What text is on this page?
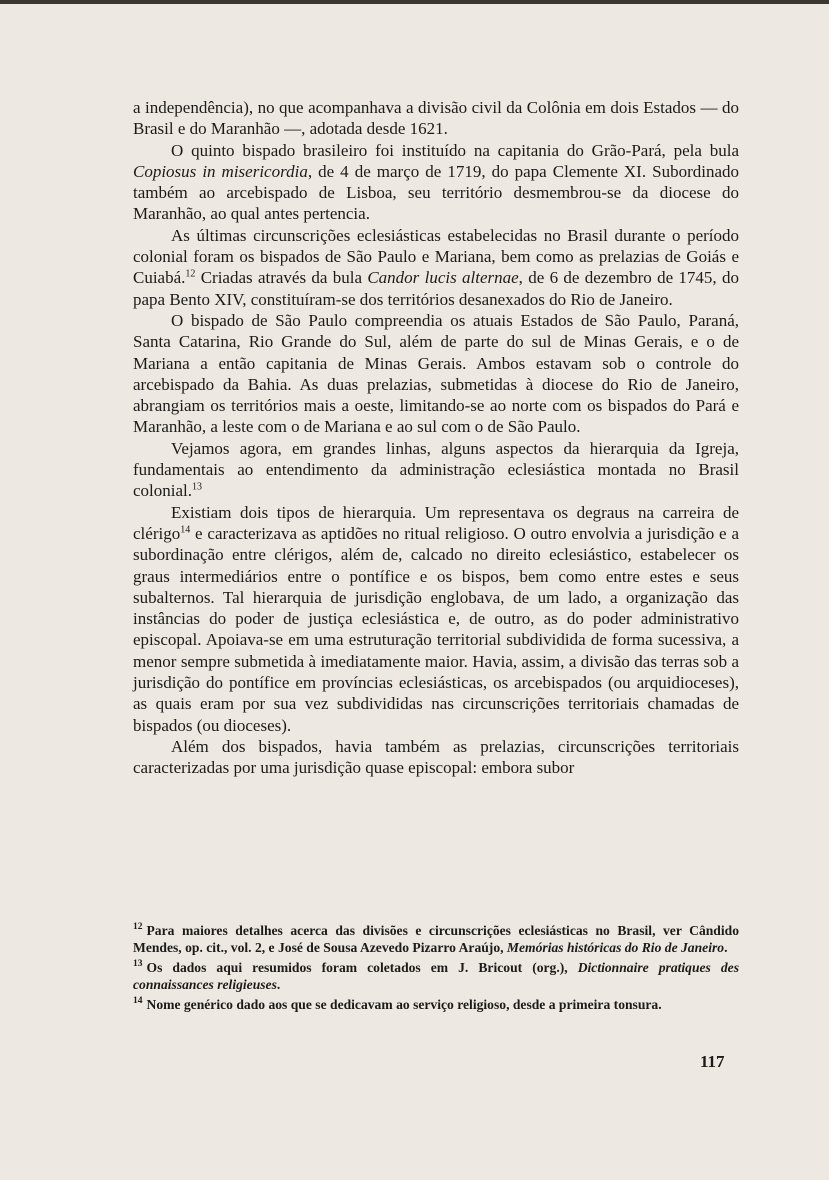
a independência), no que acompanhava a divisão civil da Colônia em dois Estados — do Brasil e do Maranhão —, adotada desde 1621.

O quinto bispado brasileiro foi instituído na capitania do Grão-Pará, pela bula Copiosus in misericordia, de 4 de março de 1719, do papa Clemente XI. Subordinado também ao arcebispado de Lisboa, seu território desmembrou-se da diocese do Maranhão, ao qual antes pertencia.

As últimas circunscrições eclesiásticas estabelecidas no Brasil durante o período colonial foram os bispados de São Paulo e Mariana, bem como as prelazias de Goiás e Cuiabá.$^{12}$ Criadas através da bula Candor lucis alternae, de 6 de dezembro de 1745, do papa Bento XIV, constituíram-se dos territórios desanexados do Rio de Janeiro.

O bispado de São Paulo compreendia os atuais Estados de São Paulo, Paraná, Santa Catarina, Rio Grande do Sul, além de parte do sul de Minas Gerais, e o de Mariana a então capitania de Minas Gerais. Ambos estavam sob o controle do arcebispado da Bahia. As duas prelazias, submetidas à diocese do Rio de Janeiro, abrangiam os territórios mais a oeste, limitando-se ao norte com os bispados do Pará e Maranhão, a leste com o de Mariana e ao sul com o de São Paulo.

Vejamos agora, em grandes linhas, alguns aspectos da hierarquia da Igreja, fundamentais ao entendimento da administração eclesiástica montada no Brasil colonial.$^{13}$

Existiam dois tipos de hierarquia. Um representava os degraus na carreira de clérigo$^{14}$ e caracterizava as aptidões no ritual religioso. O outro envolvia a jurisdição e a subordinação entre clérigos, além de, calcado no direito eclesiástico, estabelecer os graus intermediários entre o pontífice e os bispos, bem como entre estes e seus subalternos. Tal hierarquia de jurisdição englobava, de um lado, a organização das instâncias do poder de justiça eclesiástica e, de outro, as do poder administrativo episcopal. Apoiava-se em uma estruturação territorial subdividida de forma sucessiva, a menor sempre submetida à imediatamente maior. Havia, assim, a divisão das terras sob a jurisdição do pontífice em províncias eclesiásticas, os arcebispados (ou arquidioceses), as quais eram por sua vez subdivididas nas circunscrições territoriais chamadas de bispados (ou dioceses).

Além dos bispados, havia também as prelazias, circunscrições territoriais caracterizadas por uma jurisdição quase episcopal: embora subor

$^{12}$ Para maiores detalhes acerca das divisões e circunscrições eclesiásticas no Brasil, ver Cândido Mendes, op. cit., vol. 2, e José de Sousa Azevedo Pizarro Araújo, Memórias históricas do Rio de Janeiro.

$^{13}$ Os dados aqui resumidos foram coletados em J. Bricout (org.), Dictionnaire pratiques des connaissances religieuses.

$^{14}$ Nome genérico dado aos que se dedicavam ao serviço religioso, desde a primeira tonsura.

117
